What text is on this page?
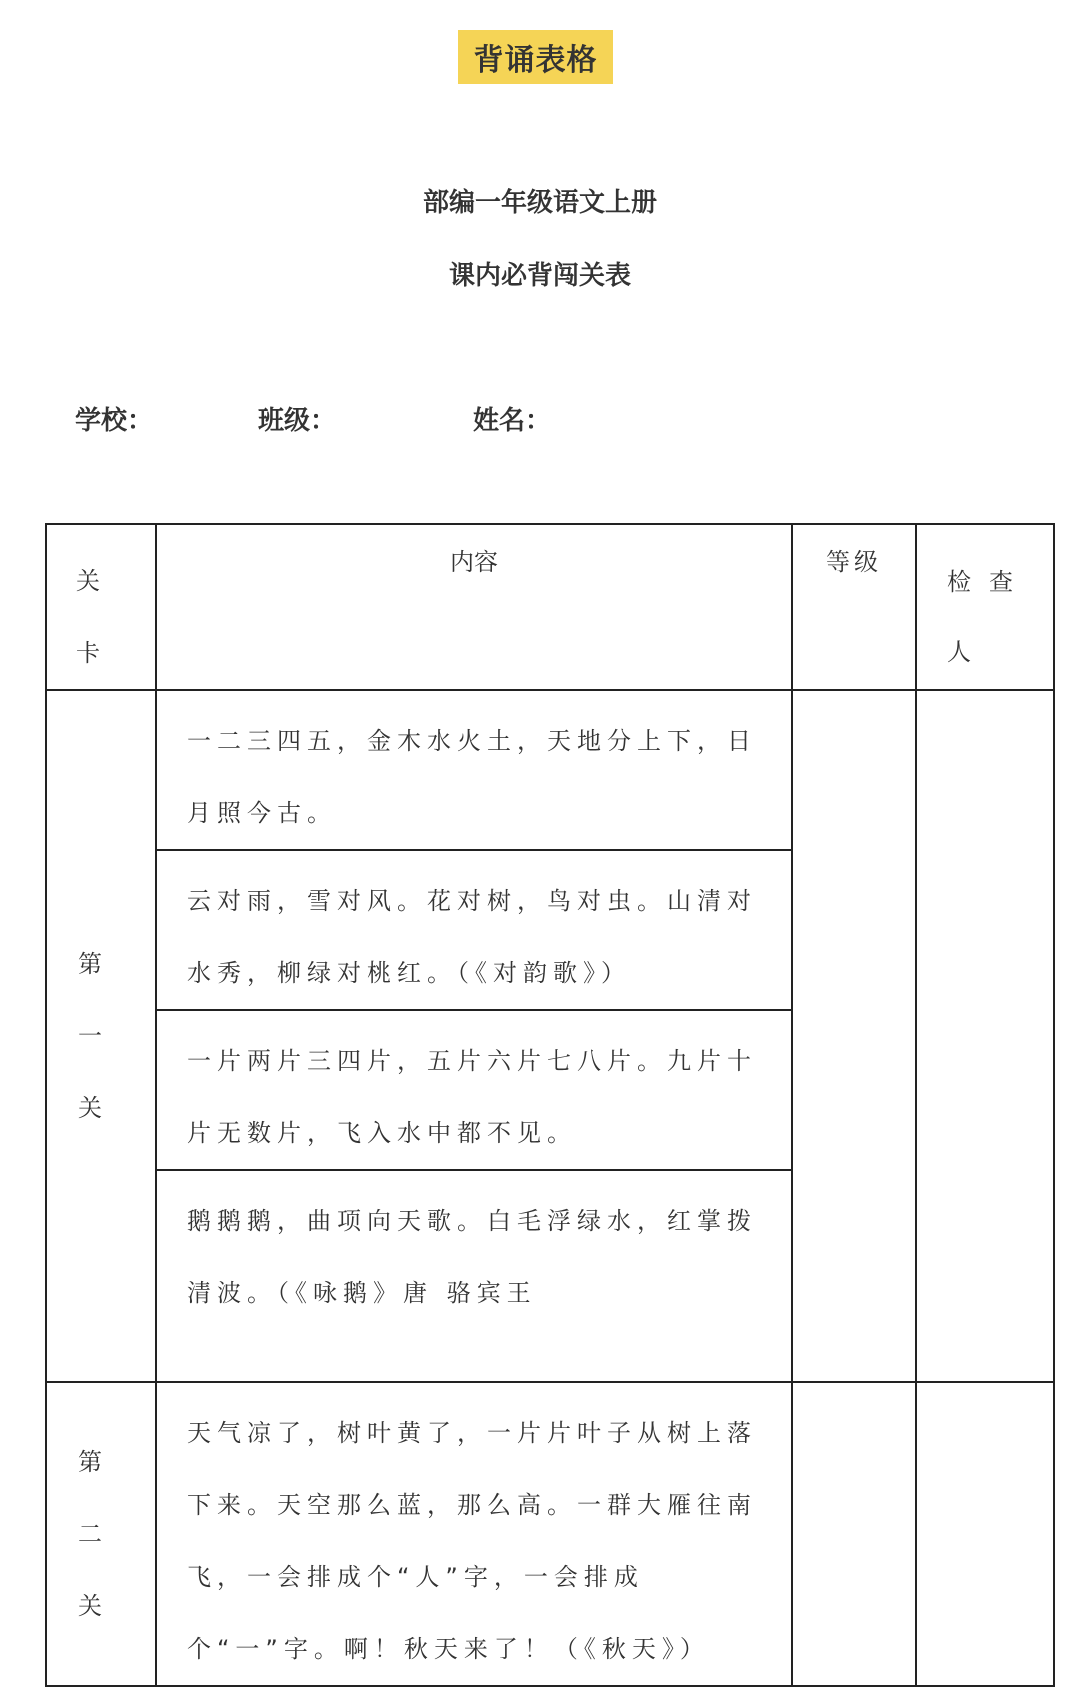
背诵表格
部编一年级语文上册
课内必背闯关表
学校：	班级：	姓名：
关卡	内容	等级	检查人

第一关	一二三四五，金木水火土，天地分上下，日月照今古。		

	云对雨，雪对风。花对树，鸟对虫。山清对水秀，柳绿对桃红。（《对韵歌》）		

	一片两片三四片，五片六片七八片。九片十片无数片，飞入水中都不见。		

	鹅鹅鹅，曲项向天歌。白毛浮绿水，红掌拨清波。（《咏鹅》唐 骆宾王		

第二关	天气凉了，树叶黄了，一片片叶子从树上落下来。天空那么蓝，那么高。一群大雁往南飞，一会排成个“人”字，一会排成个“一”字。啊！秋天来了！（《秋天》）		
